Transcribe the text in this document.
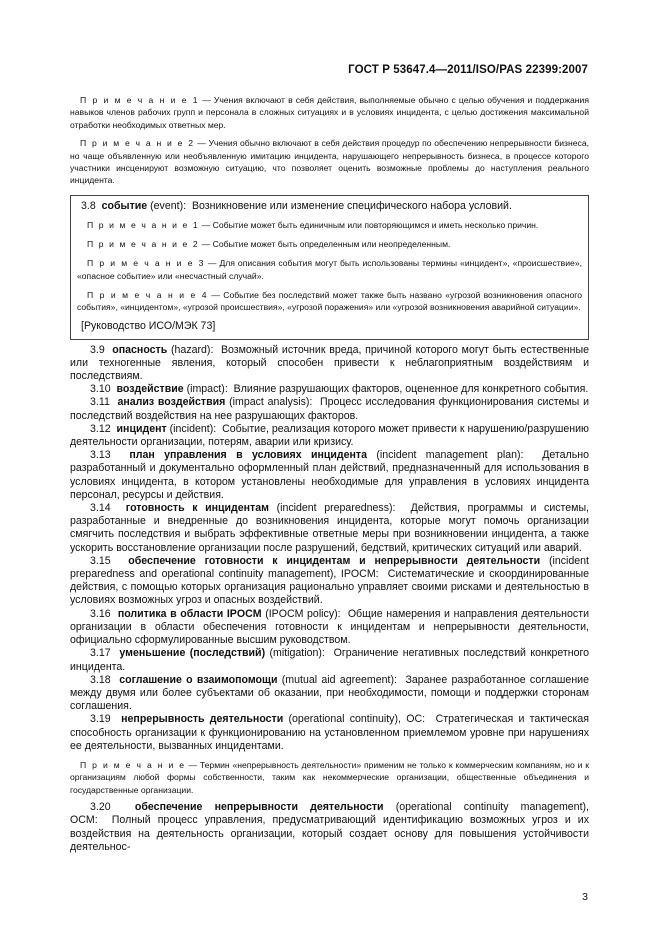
ГОСТ Р 53647.4—2011/ISO/PAS 22399:2007

П р и м е ч а н и е 1 — Учения включают в себя действия, выполняемые обычно с целью обучения и поддержания навыков членов рабочих групп и персонала в сложных ситуациях и в условиях инцидента, с целью достижения максимальной отработки необходимых ответных мер.

П р и м е ч а н и е 2 — Учения обычно включают в себя действия процедур по обеспечению непрерывности бизнеса, но чаще объявленную или необъявленную имитацию инцидента, нарушающего непрерывность бизнеса, в процессе которого участники инсценируют возможную ситуацию, что позволяет оценить возможные проблемы до наступления реального инцидента.

3.8 событие (event): Возникновение или изменение специфического набора условий.

П р и м е ч а н и е 1 — Событие может быть единичным или повторяющимся и иметь несколько причин.

П р и м е ч а н и е 2 — Событие может быть определенным или неопределенным.

П р и м е ч а н и е 3 — Для описания события могут быть использованы термины «инцидент», «происшествие», «опасное событие» или «несчастный случай».

П р и м е ч а н и е 4 — Событие без последствий может также быть названо «угрозой возникновения опасного события», «инцидентом», «угрозой происшествия», «угрозой поражения» или «угрозой возникновения аварийной ситуации».

[Руководство ИСО/МЭК 73]

3.9 опасность (hazard): Возможный источник вреда, причиной которого могут быть естественные или техногенные явления, который способен привести к неблагоприятным воздействиям и последствиям.

3.10 воздействие (impact): Влияние разрушающих факторов, оцененное для конкретного события.

3.11 анализ воздействия (impact analysis): Процесс исследования функционирования системы и последствий воздействия на нее разрушающих факторов.

3.12 инцидент (incident): Событие, реализация которого может привести к нарушению/разрушению деятельности организации, потерям, аварии или кризису.

3.13 план управления в условиях инцидента (incident management plan): Детально разработанный и документально оформленный план действий, предназначенный для использования в условиях инцидента, в котором установлены необходимые для управления в условиях инцидента персонал, ресурсы и действия.

3.14 готовность к инцидентам (incident preparedness): Действия, программы и системы, разработанные и внедренные до возникновения инцидента, которые могут помочь организации смягчить последствия и выбрать эффективные ответные меры при возникновении инцидента, а также ускорить восстановление организации после разрушений, бедствий, критических ситуаций или аварий.

3.15 обеспечение готовности к инцидентам и непрерывности деятельности (incident preparedness and operational continuity management), IPOCM: Систематические и скоординированные действия, с помощью которых организация рационально управляет своими рисками и деятельностью в условиях возможных угроз и опасных воздействий.

3.16 политика в области IPOCM (IPOCM policy): Общие намерения и направления деятельности организации в области обеспечения готовности к инцидентам и непрерывности деятельности, официально сформулированные высшим руководством.

3.17 уменьшение (последствий) (mitigation): Ограничение негативных последствий конкретного инцидента.

3.18 соглашение о взаимопомощи (mutual aid agreement): Заранее разработанное соглашение между двумя или более субъектами об оказании, при необходимости, помощи и поддержки сторонам соглашения.

3.19 непрерывность деятельности (operational continuity), ОС: Стратегическая и тактическая способность организации к функционированию на установленном приемлемом уровне при нарушениях ее деятельности, вызванных инцидентами.

П р и м е ч а н и е — Термин «непрерывность деятельности» применим не только к коммерческим компаниям, но и к организациям любой формы собственности, таким как некоммерческие организации, общественные объединения и государственные организации.

3.20 обеспечение непрерывности деятельности (operational continuity management), OCM: Полный процесс управления, предусматривающий идентификацию возможных угроз и их воздействия на деятельность организации, который создает основу для повышения устойчивости деятельнос-

3
